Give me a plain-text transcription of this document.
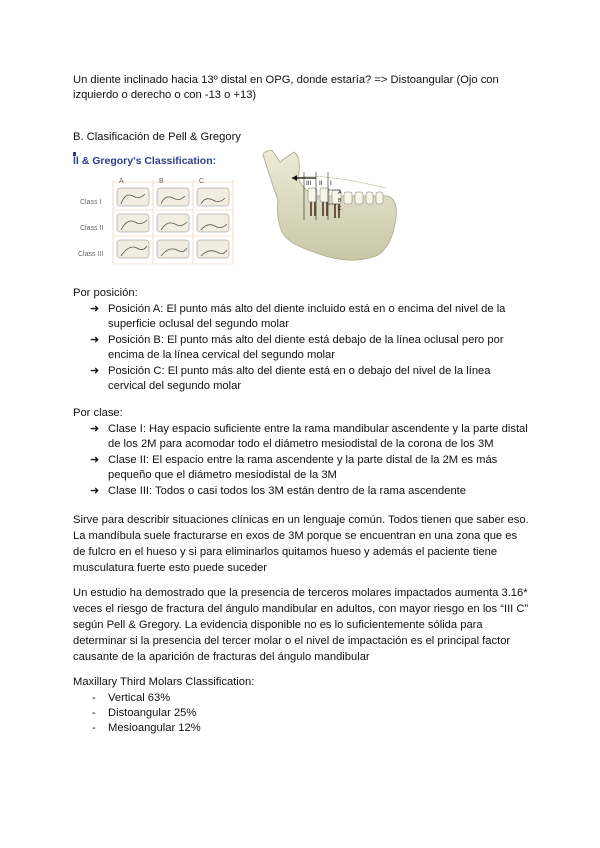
Un diente inclinado hacia 13º distal en OPG, donde estaría? => Distoangular (Ojo con
izquierdo o derecho o con -13 o +13)
B. Clasificación de Pell & Gregory
ll & Gregory's Classification:
A	B	C
Class I
Class II
Class III
A
B
C
III II I
Por posición:
➜ Posición A: El punto más alto del diente incluido está en o encima del nivel de la
superficie oclusal del segundo molar
➜ Posición B: El punto más alto del diente está debajo de la línea oclusal pero por
encima de la línea cervical del segundo molar
➜ Posición C: El punto más alto del diente está en o debajo del nivel de la línea
cervical del segundo molar
Por clase:
➜ Clase I: Hay espacio suficiente entre la rama mandibular ascendente y la parte distal
de los 2M para acomodar todo el diámetro mesiodistal de la corona de los 3M
➜ Clase II: El espacio entre la rama ascendente y la parte distal de la 2M es más
pequeño que el diámetro mesiodistal de la 3M
➜ Clase III: Todos o casi todos los 3M están dentro de la rama ascendente
Sirve para describir situaciones clínicas en un lenguaje común. Todos tienen que saber eso.
La mandíbula suele fracturarse en exos de 3M porque se encuentran en una zona que es
de fulcro en el hueso y si para eliminarlos quitamos hueso y además el paciente tiene
musculatura fuerte esto puede suceder
Un estudio ha demostrado que la presencia de terceros molares impactados aumenta 3.16*
veces el riesgo de fractura del ángulo mandibular en adultos, con mayor riesgo en los “III C”
según Pell & Gregory. La evidencia disponible no es lo suficientemente sólida para
determinar si la presencia del tercer molar o el nivel de impactación es el principal factor
causante de la aparición de fracturas del ángulo mandibular
Maxillary Third Molars Classification:
- Vertical 63%
- Distoangular 25%
- Mesioangular 12%
